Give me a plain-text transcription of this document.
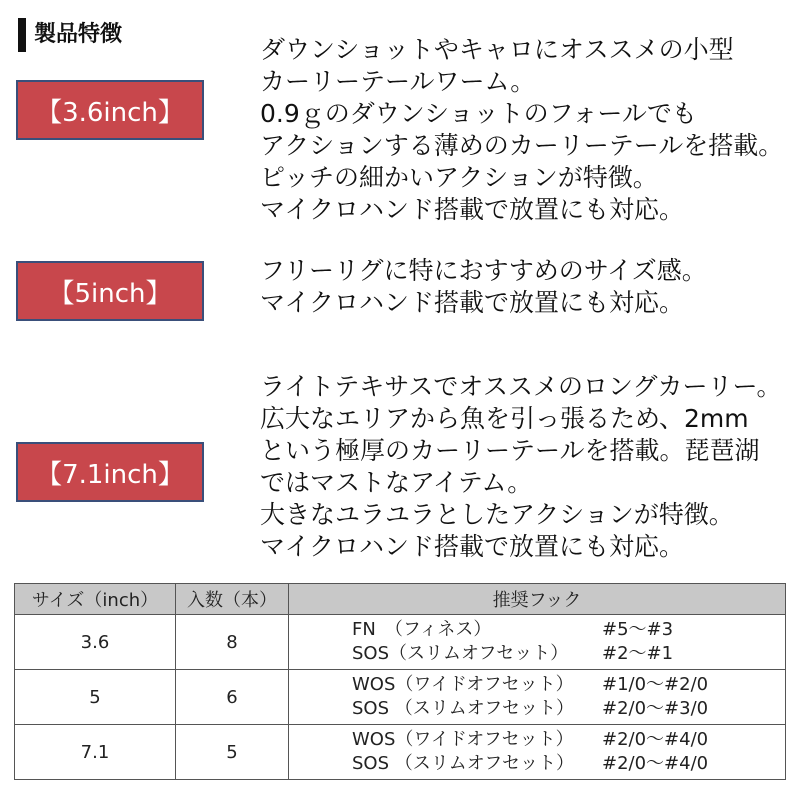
製品特徴
【3.6inch】
ダウンショットやキャロにオススメの小型
カーリーテールワーム。
0.9ｇのダウンショットのフォールでも
アクションする薄めのカーリーテールを搭載。
ピッチの細かいアクションが特徴。
マイクロハンド搭載で放置にも対応。
【5inch】
フリーリグに特におすすめのサイズ感。
マイクロハンド搭載で放置にも対応。
【7.1inch】
ライトテキサスでオススメのロングカーリー。
広大なエリアから魚を引っ張るため、2mm
という極厚のカーリーテールを搭載。琵琶湖
ではマストなアイテム。
大きなユラユラとしたアクションが特徴。
マイクロハンド搭載で放置にも対応。
サイズ（inch）	入数（本）	推奨フック
3.6	8	FN　（フィネス） #5～#3
SOS（スリムオフセット） #2～#1

5	6	WOS（ワイドオフセット） #1/0～#2/0
SOS （スリムオフセット） #2/0～#3/0

7.1	5	WOS（ワイドオフセット） #2/0～#4/0
SOS （スリムオフセット） #2/0～#4/0
